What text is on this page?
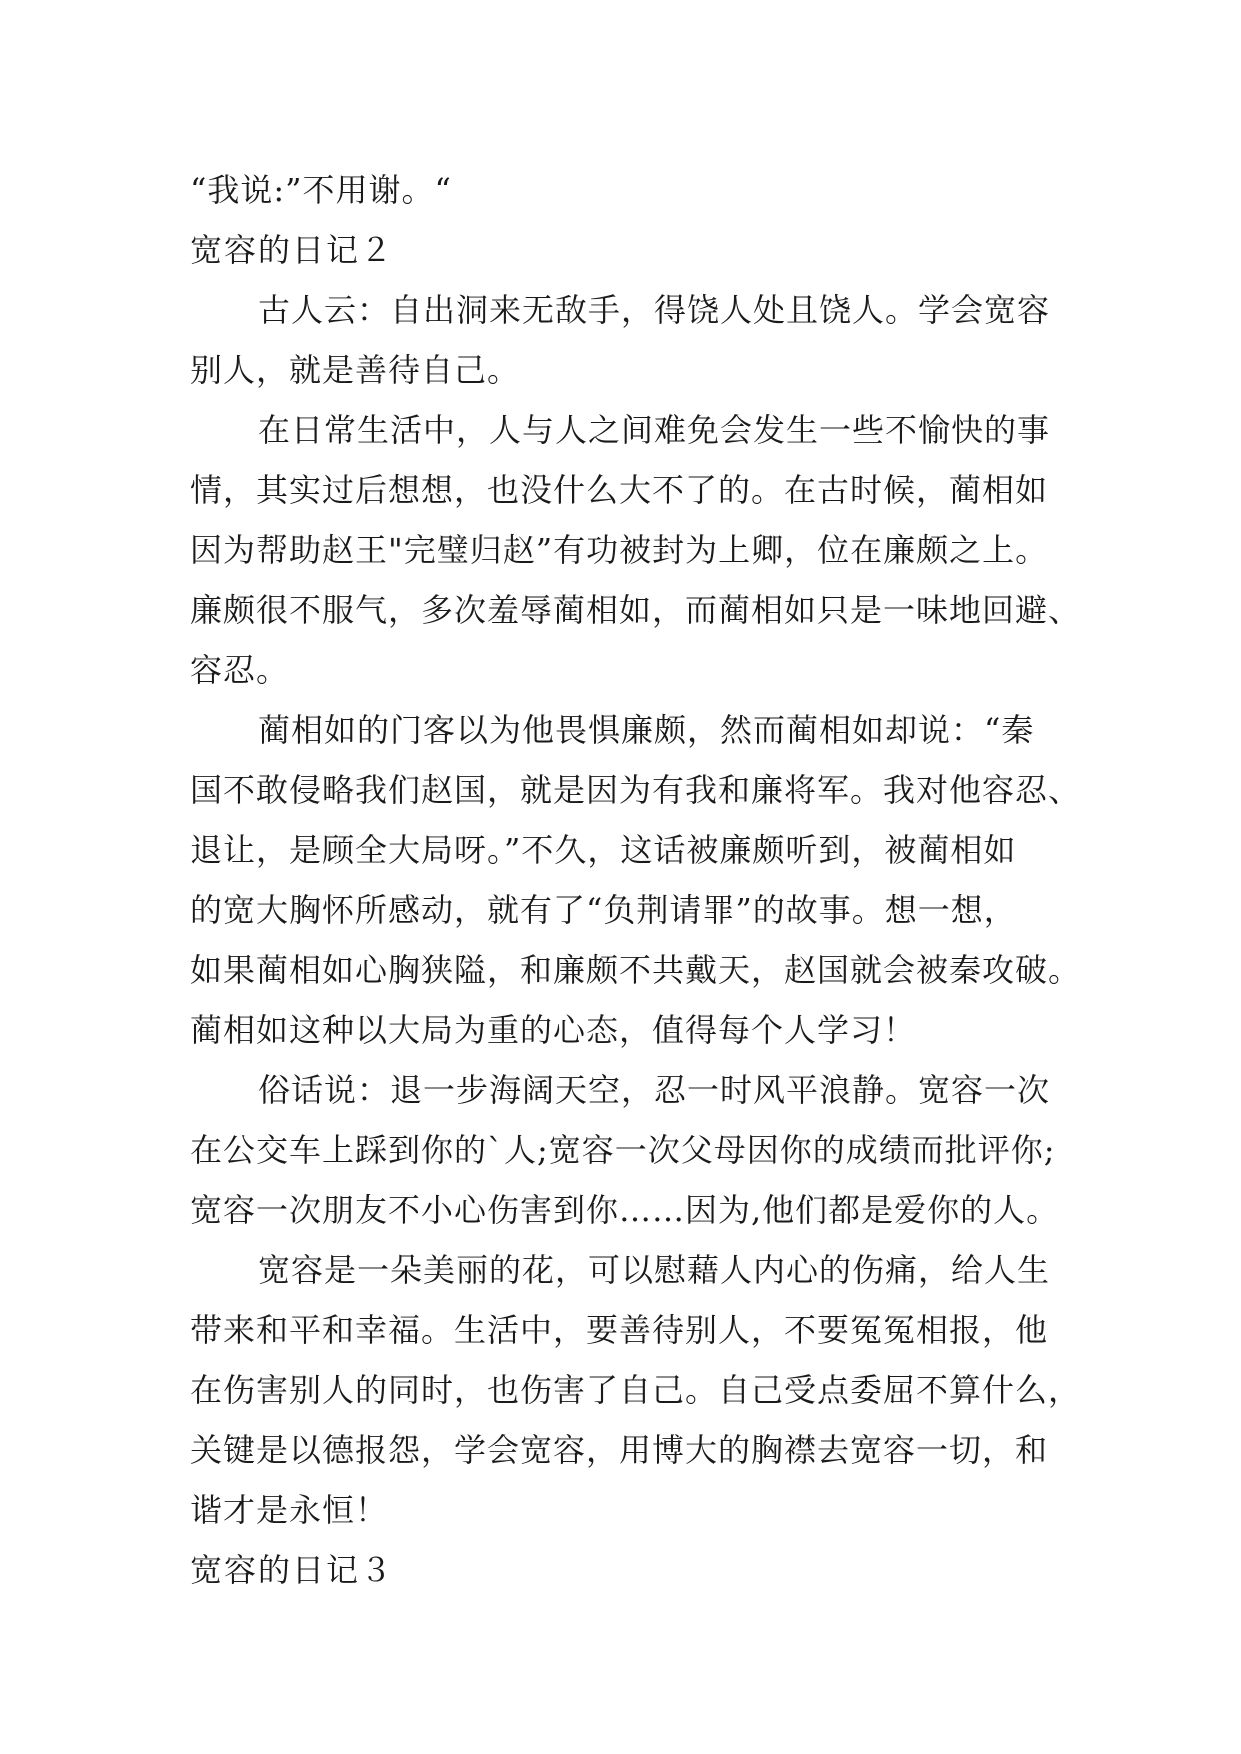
“我说:”不用谢。“
宽容的日记２
古人云：自出洞来无敌手，得饶人处且饶人。学会宽容
别人，就是善待自己。
在日常生活中，人与人之间难免会发生一些不愉快的事
情，其实过后想想，也没什么大不了的。在古时候，蔺相如
因为帮助赵王"完璧归赵”有功被封为上卿，位在廉颇之上。
廉颇很不服气，多次羞辱蔺相如，而蔺相如只是一味地回避、
容忍。
蔺相如的门客以为他畏惧廉颇，然而蔺相如却说：“秦
国不敢侵略我们赵国，就是因为有我和廉将军。我对他容忍、
退让，是顾全大局呀。”不久，这话被廉颇听到，被蔺相如
的宽大胸怀所感动，就有了“负荆请罪”的故事。想一想，
如果蔺相如心胸狭隘，和廉颇不共戴天，赵国就会被秦攻破。
蔺相如这种以大局为重的心态，值得每个人学习！
俗话说：退一步海阔天空，忍一时风平浪静。宽容一次
在公交车上踩到你的`人;宽容一次父母因你的成绩而批评你;
宽容一次朋友不小心伤害到你……因为,他们都是爱你的人。
宽容是一朵美丽的花，可以慰藉人内心的伤痛，给人生
带来和平和幸福。生活中，要善待别人，不要冤冤相报，他
在伤害别人的同时，也伤害了自己。自己受点委屈不算什么，
关键是以德报怨，学会宽容，用博大的胸襟去宽容一切，和
谐才是永恒！
宽容的日记３
